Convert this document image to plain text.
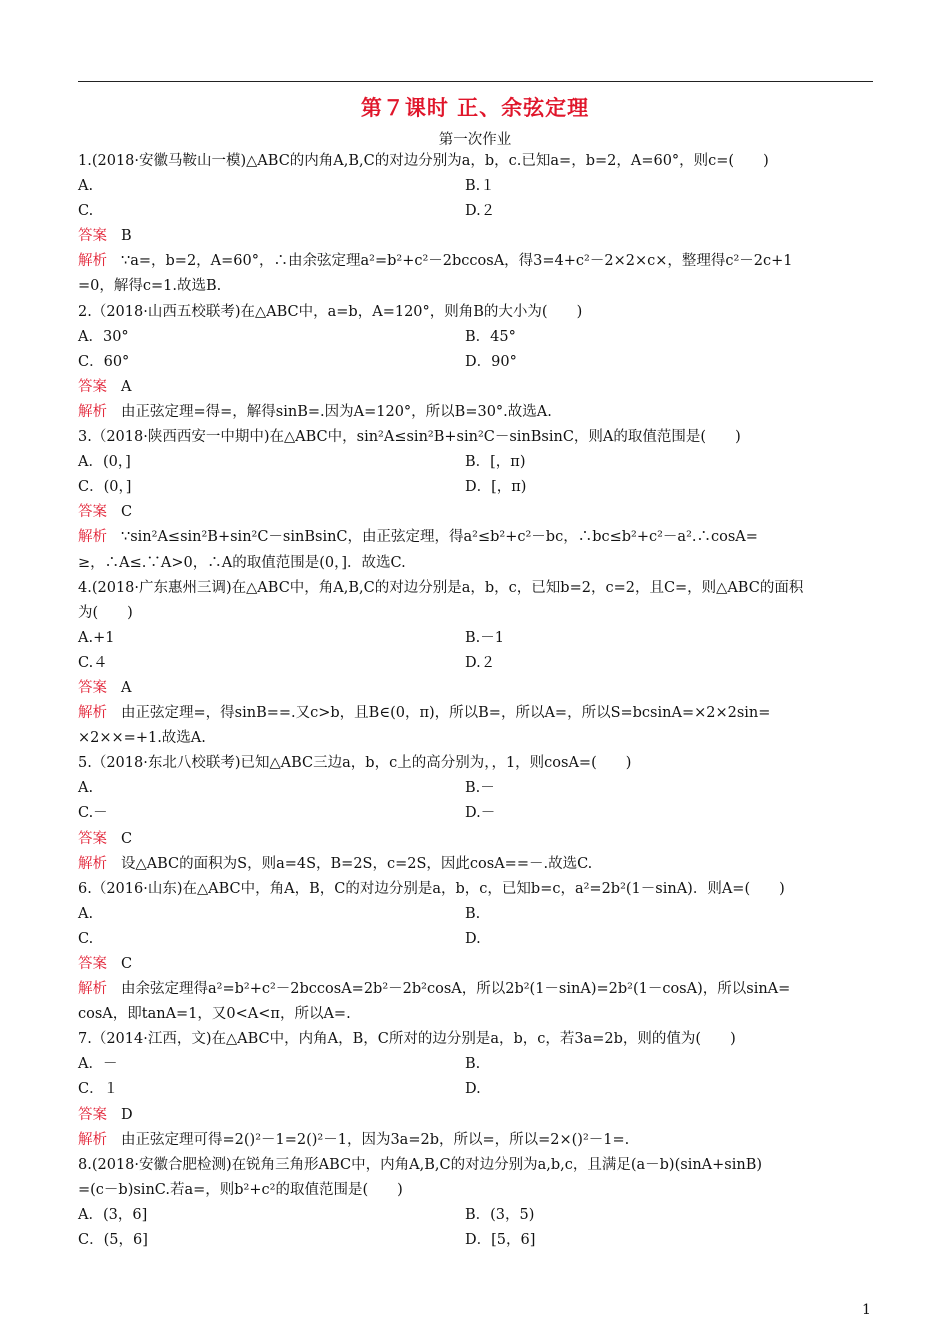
第７课时 正、余弦定理
第一次作业
1.(2018·安徽马鞍山一模)△ABC的内角A,B,C的对边分别为a，b，c.已知a=，b=2，A=60°，则c=(　　)
A.	B.１
C.	D.２
答案 B
解析 ∵a=，b=2，A=60°，∴由余弦定理a²=b²+c²－2bccosA，得3=4+c²－2×2×c×，整理得c²－2c+1
=0，解得c=1.故选B.
2.（2018·山西五校联考)在△ABC中，a=b，A=120°，则角B的大小为(　　)
A．30°	B．45°
C．60°	D．90°
答案 A
解析 由正弦定理=得=，解得sinB=.因为A=120°，所以B=30°.故选A.
3.（2018·陕西西安一中期中)在△ABC中，sin²A≤sin²B+sin²C－sinBsinC，则A的取值范围是(　　)
A．(0，]	B．[，π)
C．(0，]	D．[，π)
答案 C
解析 ∵sin²A≤sin²B+sin²C－sinBsinC，由正弦定理，得a²≤b²+c²－bc，∴bc≤b²+c²－a².∴cosA=
≥，∴A≤.∵A>0，∴A的取值范围是(0，]．故选C.
4.(2018·广东惠州三调)在△ABC中，角A,B,C的对边分别是a，b，c，已知b=2，c=2，且C=，则△ABC的面积
为(　　)
A.+1	B.－1
C.４	D.２
答案 A
解析 由正弦定理=，得sinB==.又c>b，且B∈(0，π)，所以B=，所以A=，所以S=bcsinA=×2×2sin=
×2××=+1.故选A.
5.（2018·东北八校联考)已知△ABC三边a，b，c上的高分别为，，1，则cosA=(　　)
A.	B.－
C.－	D.－
答案 C
解析 设△ABC的面积为S，则a=4S，B=2S，c=2S，因此cosA==－.故选C.
6.（2016·山东)在△ABC中，角A，B，C的对边分别是a，b，c，已知b=c，a²=2b²(1－sinA)．则A=(　　)
A.	B.
C.	D.
答案 C
解析 由余弦定理得a²=b²+c²－2bccosA=2b²－2b²cosA，所以2b²(1－sinA)=2b²(1－cosA)，所以sinA=
cosA，即tanA=1，又0<A<π，所以A=.
7.（2014·江西，文)在△ABC中，内角A，B，C所对的边分别是a，b，c，若3a=2b，则的值为(　　)
A．－	B.
C．１	D.
答案 D
解析 由正弦定理可得=2()²－1=2()²－1，因为3a=2b，所以=，所以=2×()²－1=.
8.(2018·安徽合肥检测)在锐角三角形ABC中，内角A,B,C的对边分别为a,b,c，且满足(a－b)(sinA+sinB)
=(c－b)sinC.若a=，则b²+c²的取值范围是(　　)
A．(3，6]	B．(3，5)
C．(5，6]	D．[5，6]
1
